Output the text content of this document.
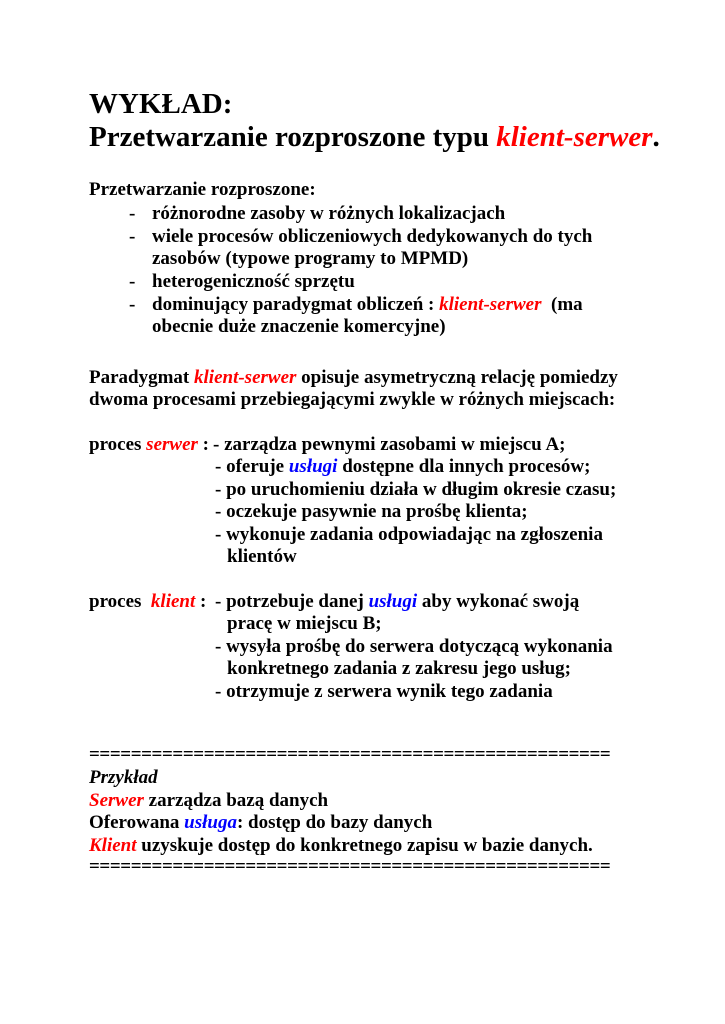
WYKŁAD:
Przetwarzanie rozproszone typu klient-serwer.
Przetwarzanie rozproszone:
- różnorodne zasoby w różnych lokalizacjach
- wiele procesów obliczeniowych dedykowanych do tych
zasobów (typowe programy to MPMD)
- heterogeniczność sprzętu
- dominujący paradygmat obliczeń : klient-serwer  (ma
obecnie duże znaczenie komercyjne)
Paradygmat klient-serwer opisuje asymetryczną relację pomiedzy
dwoma procesami przebiegającymi zwykle w różnych miejscach:
proces serwer : - zarządza pewnymi zasobami w miejscu A;
- oferuje usługi dostępne dla innych procesów;
- po uruchomieniu działa w długim okresie czasu;
- oczekuje pasywnie na prośbę klienta;
- wykonuje zadania odpowiadając na zgłoszenia
klientów
proces  klient : - potrzebuje danej usługi aby wykonać swoją
pracę w miejscu B;
- wysyła prośbę do serwera dotyczącą wykonania
konkretnego zadania z zakresu jego usług;
- otrzymuje z serwera wynik tego zadania
==================================================
Przykład
Serwer zarządza bazą danych
Oferowana usługa: dostęp do bazy danych
Klient uzyskuje dostęp do konkretnego zapisu w bazie danych.
==================================================
